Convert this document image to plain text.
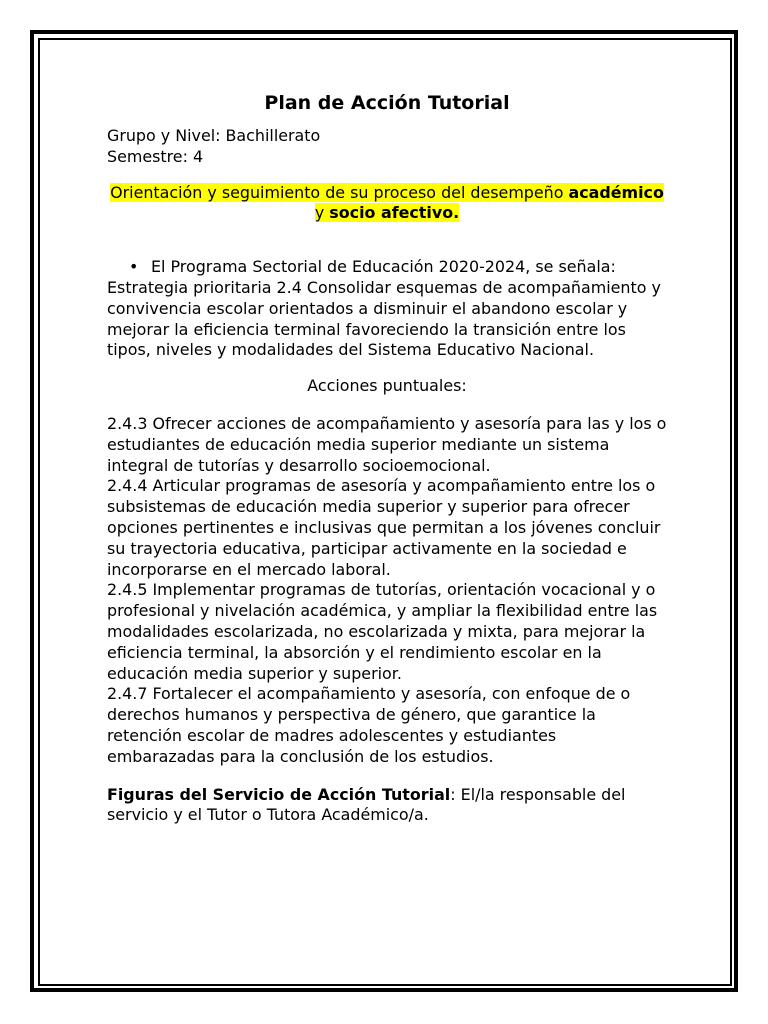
Plan de Acción Tutorial

Grupo y Nivel: Bachillerato

Semestre: 4

Orientación y seguimiento de su proceso del desempeño académico y socio afectivo.
• El Programa Sectorial de Educación 2020-2024, se señala:

Estrategia prioritaria 2.4 Consolidar esquemas de acompañamiento y convivencia escolar orientados a disminuir el abandono escolar y mejorar la eficiencia terminal favoreciendo la transición entre los tipos, niveles y modalidades del Sistema Educativo Nacional.

Acciones puntuales:

2.4.3 Ofrecer acciones de acompañamiento y asesoría para las y los o estudiantes de educación media superior mediante un sistema integral de tutorías y desarrollo socioemocional.

2.4.4 Articular programas de asesoría y acompañamiento entre los o subsistemas de educación media superior y superior para ofrecer opciones pertinentes e inclusivas que permitan a los jóvenes concluir su trayectoria educativa, participar activamente en la sociedad e incorporarse en el mercado laboral.

2.4.5 Implementar programas de tutorías, orientación vocacional y o profesional y nivelación académica, y ampliar la flexibilidad entre las modalidades escolarizada, no escolarizada y mixta, para mejorar la eficiencia terminal, la absorción y el rendimiento escolar en la educación media superior y superior.

2.4.7 Fortalecer el acompañamiento y asesoría, con enfoque de o derechos humanos y perspectiva de género, que garantice la retención escolar de madres adolescentes y estudiantes embarazadas para la conclusión de los estudios.

Figuras del Servicio de Acción Tutorial: El/la responsable del servicio y el Tutor o Tutora Académico/a.
